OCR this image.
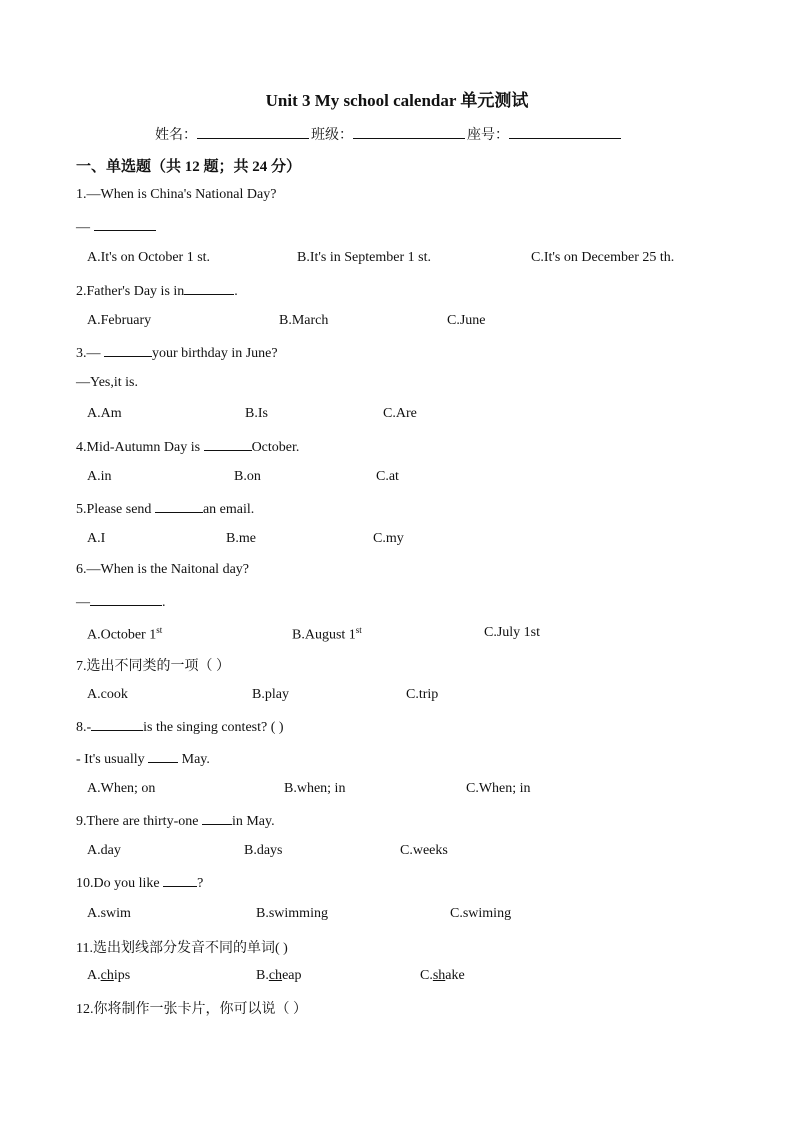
Unit 3 My school calendar 单元测试
姓名：	班级：	座号：
一、单选题（共 12 题；共 24 分）
1.—When is China's National Day?
—
A.It's on October 1 st.	B.It's in September 1 st.	C.It's on December 25 th.
2.Father's Day is in	.
A.February	B.March	C.June
3.—	your birthday in June?
—Yes,it is.
A.Am	B.Is	C.Are
4.Mid-Autumn Day is	October.
A.in	B.on	C.at
5.Please send	an email.
A.I	B.me	C.my
6.—When is the Naitonal day?
—	.
A.October 1st	B.August 1st	C.July 1st
7.选出不同类的一项（ ）
A.cook	B.play	C.trip
8.-	is the singing contest? ( )
- It's usually  May.
A.When; on	B.when; in	C.When; in
9.There are thirty-one in May.
A.day	B.days	C.weeks
10.Do you like ?
A.swim	B.swimming	C.swiming
11.选出划线部分发音不同的单词( )
A.chips	B.cheap	C.shake
12.你将制作一张卡片，你可以说（ ）
